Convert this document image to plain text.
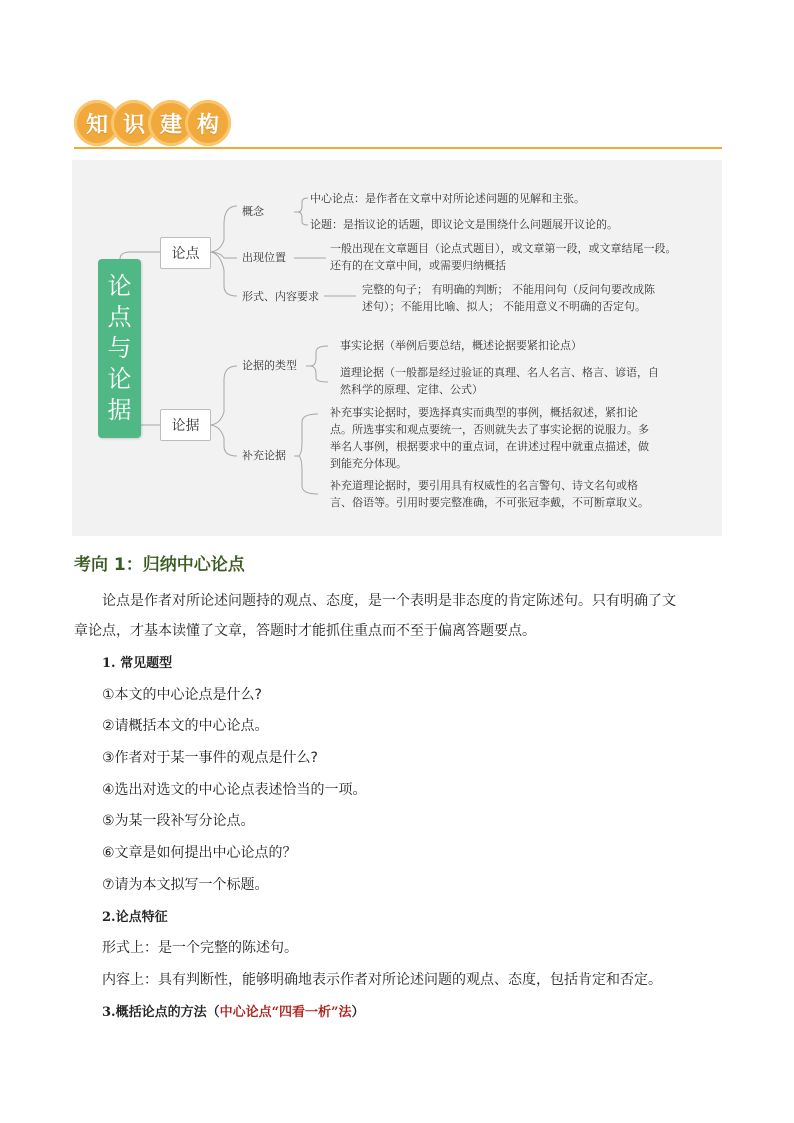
知 识 建 构
论
点
与
论
据
论点
论据
概念
中心论点：是作者在文章中对所论述问题的见解和主张。
论题：是指议论的话题，即议论文是围绕什么问题展开议论的。
出现位置
一般出现在文章题目（论点式题目），或文章第一段，或文章结尾一段。
还有的在文章中间，或需要归纳概括
形式、内容要求
完整的句子； 有明确的判断； 不能用问句（反问句要改成陈
述句）；不能用比喻、拟人； 不能用意义不明确的否定句。
论据的类型
事实论据（举例后要总结，概述论据要紧扣论点）
道理论据（一般都是经过验证的真理、名人名言、格言、谚语，自
然科学的原理、定律、公式）
补充论据
补充事实论据时，要选择真实而典型的事例，概括叙述，紧扣论
点。所选事实和观点要统一，否则就失去了事实论据的说服力。多
举名人事例，根据要求中的重点词，在讲述过程中就重点描述，做
到能充分体现。
补充道理论据时，要引用具有权威性的名言警句、诗文名句或格
言、俗语等。引用时要完整准确，不可张冠李戴，不可断章取义。
考向 1：归纳中心论点
论点是作者对所论述问题持的观点、态度，是一个表明是非态度的肯定陈述句。只有明确了文
章论点，才基本读懂了文章，答题时才能抓住重点而不至于偏离答题要点。
1. 常见题型
①本文的中心论点是什么?
②请概括本文的中心论点。
③作者对于某一事件的观点是什么?
④选出对选文的中心论点表述恰当的一项。
⑤为某一段补写分论点。
⑥文章是如何提出中心论点的？
⑦请为本文拟写一个标题。
2.论点特征
形式上：是一个完整的陈述句。
内容上：具有判断性，能够明确地表示作者对所论述问题的观点、态度，包括肯定和否定。
3.概括论点的方法（中心论点“四看一析”法）
